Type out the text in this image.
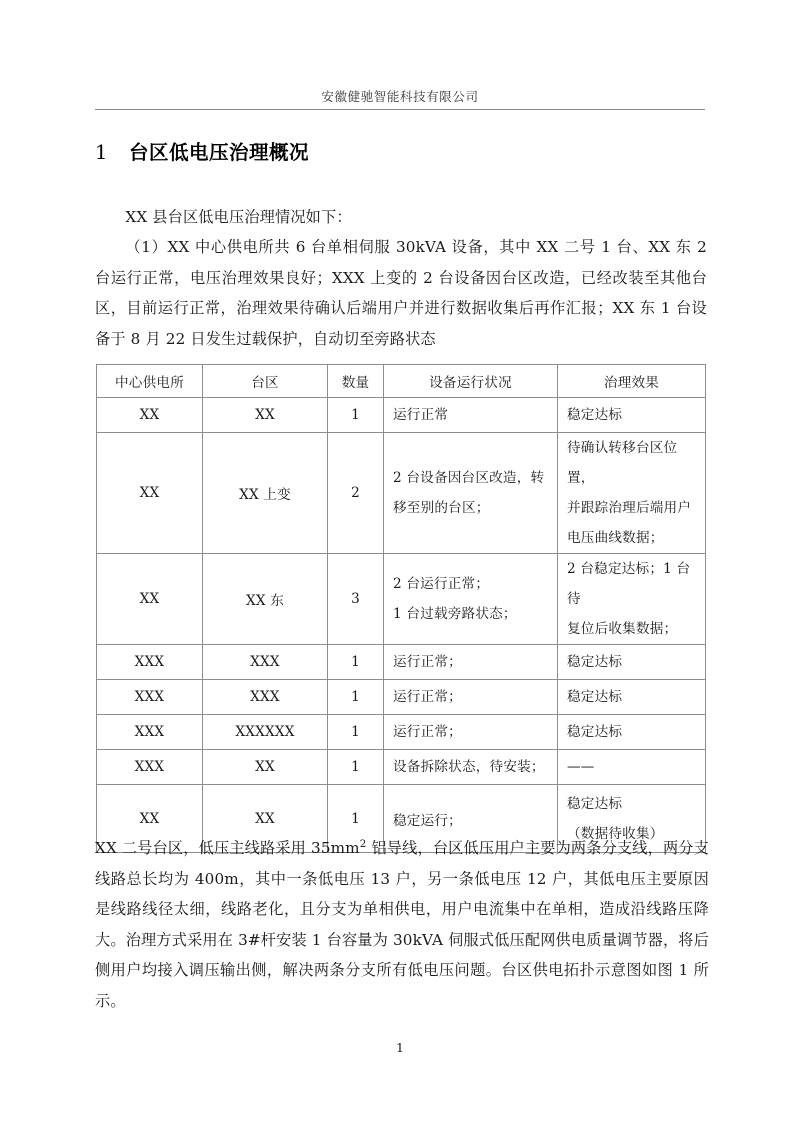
安徽健驰智能科技有限公司
1 台区低电压治理概况

XX 县台区低电压治理情况如下：

（1）XX 中心供电所共 6 台单相伺服 30kVA 设备，其中 XX 二号 1 台、XX 东 2 台运行正常，电压治理效果良好；XXX 上变的 2 台设备因台区改造，已经改装至其他台区，目前运行正常，治理效果待确认后端用户并进行数据收集后再作汇报；XX 东 1 台设备于 8 月 22 日发生过载保护，自动切至旁路状态

中心供电所	台区	数量	设备运行状况	治理效果
XX	XX	1	运行正常	稳定达标
XX	XX 上变	2	2 台设备因台区改造，转
移至别的台区；	待确认转移台区位置，
并跟踪治理后端用户
电压曲线数据；

XX	XX 东	3	2 台运行正常；
1 台过载旁路状态；	2 台稳定达标；1 台待
复位后收集数据；

XXX	XXX	1	运行正常；	稳定达标
XXX	XXX	1	运行正常；	稳定达标
XXX	XXXXXX	1	运行正常；	稳定达标
XXX	XX	1	设备拆除状态，待安装；	——
XX	XX	1	稳定运行；	稳定达标
（数据待收集）

XX 二号台区，低压主线路采用 $35mm^2$ 铝导线，台区低压用户主要为两条分支线，两分支线路总长均为 400m，其中一条低电压 13 户，另一条低电压 12 户，其低电压主要原因是线路线径太细，线路老化，且分支为单相供电，用户电流集中在单相，造成沿线路压降大。治理方式采用在 3#杆安装 1 台容量为 30kVA 伺服式低压配网供电质量调节器，将后侧用户均接入调压输出侧，解决两条分支所有低电压问题。台区供电拓扑示意图如图 1 所示。

1
